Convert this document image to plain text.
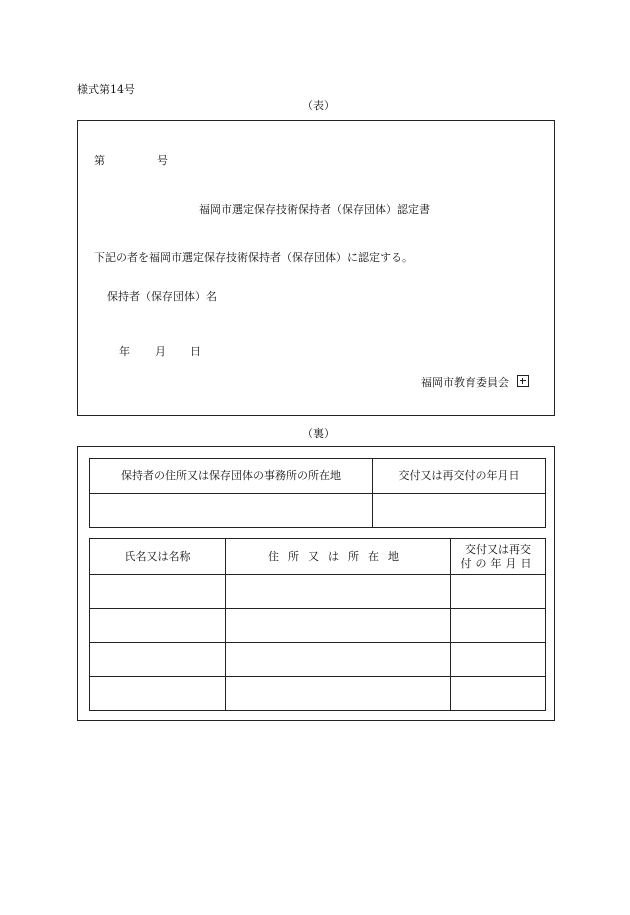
様式第14号
（表）
第	号
福岡市選定保存技術保持者（保存団体）認定書
下記の者を福岡市選定保存技術保持者（保存団体）に認定する。
保持者（保存団体）名
年 月 日
福岡市教育委員会
（裏）
保持者の住所又は保存団体の事務所の所在地	交付又は再交付の年月日

氏名又は名称	住所又は所在地	交付又は再交
付の年月日
